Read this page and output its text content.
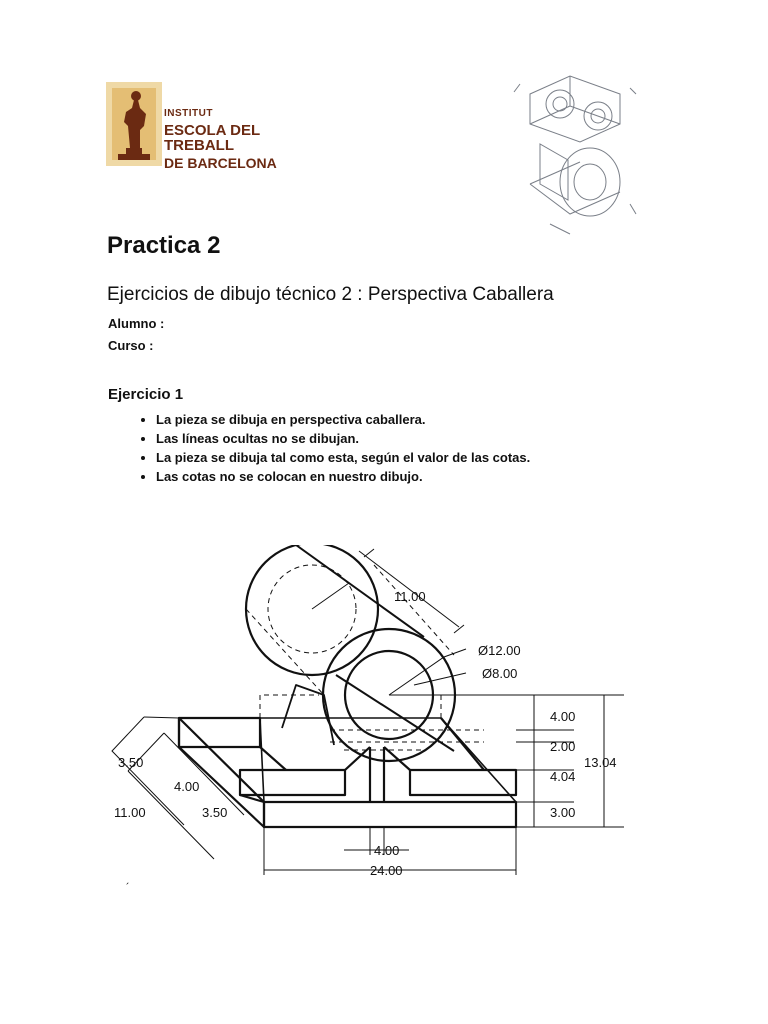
INSTITUT
ESCOLA DEL TREBALL
DE BARCELONA
Practica 2
Ejercicios de dibujo técnico 2 : Perspectiva Caballera
Alumno :
Curso :
Ejercicio 1
• La pieza se dibuja en perspectiva caballera.
• Las líneas ocultas no se dibujan.
• La pieza se dibuja tal como esta, según el valor de las cotas.
• Las cotas no se colocan en nuestro dibujo.
11.00
Ø12.00
Ø8.00
4.00
2.00
4.04
3.00
13.04
3.50
4.00
11.00	3.50
4.00
24.00
´
